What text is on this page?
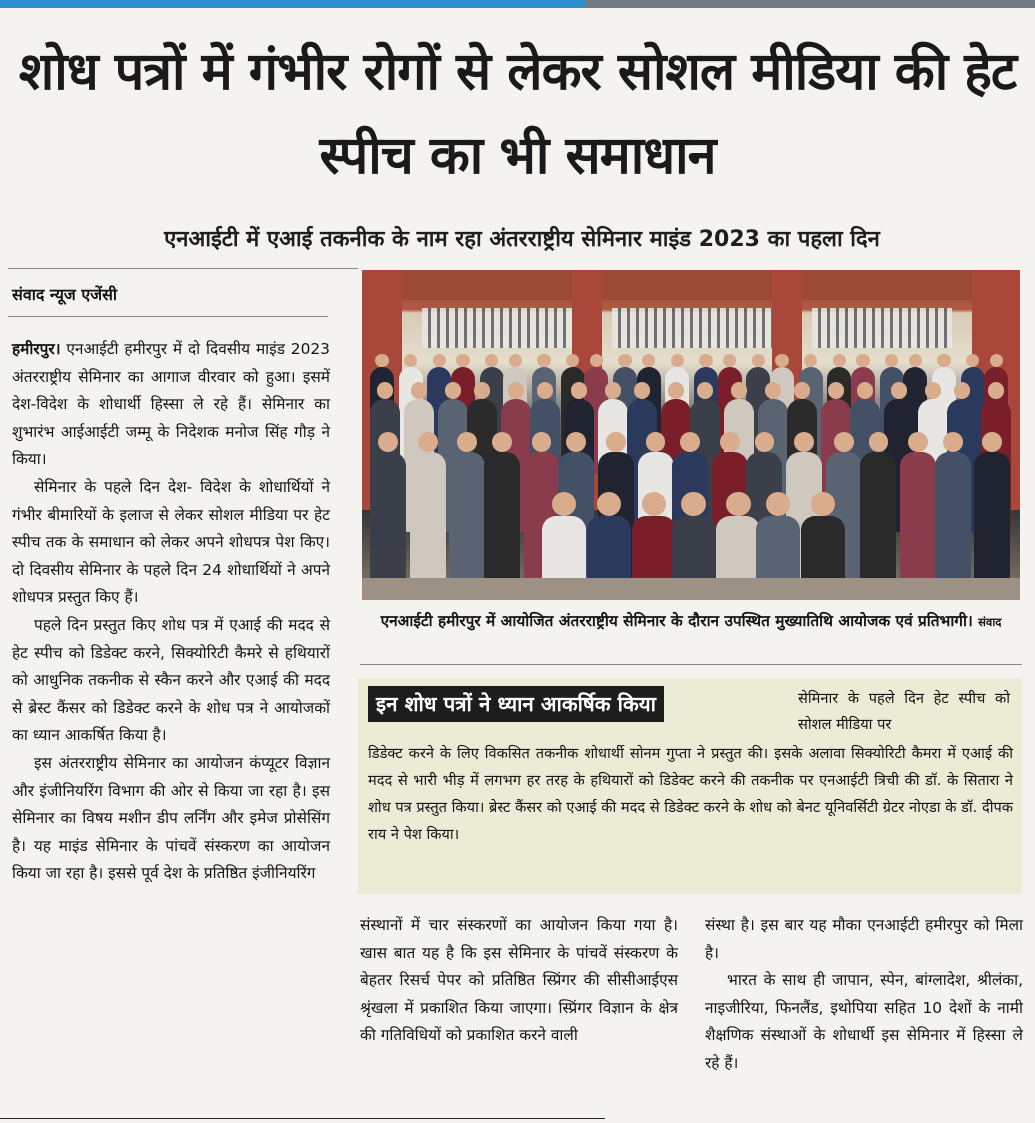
शोध पत्रों में गंभीर रोगों से लेकर सोशल मीडिया की हेट स्पीच का भी समाधान
एनआईटी में एआई तकनीक के नाम रहा अंतरराष्ट्रीय सेमिनार माइंड 2023 का पहला दिन
संवाद न्यूज एजेंसी

हमीरपुर। एनआईटी हमीरपुर में दो दिवसीय माइंड 2023 अंतरराष्ट्रीय सेमिनार का आगाज वीरवार को हुआ। इसमें देश-विदेश के शोधार्थी हिस्सा ले रहे हैं। सेमिनार का शुभारंभ आईआईटी जम्मू के निदेशक मनोज सिंह गौड़ ने किया।

सेमिनार के पहले दिन देश- विदेश के शोधार्थियों ने गंभीर बीमारियों के इलाज से लेकर सोशल मीडिया पर हेट स्पीच तक के समाधान को लेकर अपने शोधपत्र पेश किए। दो दिवसीय सेमिनार के पहले दिन 24 शोधार्थियों ने अपने शोधपत्र प्रस्तुत किए हैं।

पहले दिन प्रस्तुत किए शोध पत्र में एआई की मदद से हेट स्पीच को डिडेक्ट करने, सिक्योरिटी कैमरे से हथियारों को आधुनिक तकनीक से स्कैन करने और एआई की मदद से ब्रेस्ट कैंसर को डिडेक्ट करने के शोध पत्र ने आयोजकों का ध्यान आकर्षित किया है।

इस अंतरराष्ट्रीय सेमिनार का आयोजन कंप्यूटर विज्ञान और इंजीनियरिंग विभाग की ओर से किया जा रहा है। इस सेमिनार का विषय मशीन डीप लर्निंग और इमेज प्रोसेसिंग है। यह माइंड सेमिनार के पांचवें संस्करण का आयोजन किया जा रहा है। इससे पूर्व देश के प्रतिष्ठित इंजीनियरिंग

एनआईटी हमीरपुर में आयोजित अंतरराष्ट्रीय सेमिनार के दौरान उपस्थित मुख्यातिथि आयोजक एवं प्रतिभागी। संवाद
इन शोध पत्रों ने ध्यान आकर्षिक किया	सेमिनार के पहले दिन हेट स्पीच को सोशल मीडिया पर
डिडेक्ट करने के लिए विकसित तकनीक शोधार्थी सोनम गुप्ता ने प्रस्तुत की। इसके अलावा सिक्योरिटी कैमरा में एआई की मदद से भारी भीड़ में लगभग हर तरह के हथियारों को डिडेक्ट करने की तकनीक पर एनआईटी त्रिची की डॉ. के सितारा ने शोध पत्र प्रस्तुत किया। ब्रेस्ट कैंसर को एआई की मदद से डिडेक्ट करने के शोध को बेनट यूनिवर्सिटी ग्रेटर नोएडा के डॉ. दीपक राय ने पेश किया।

संस्थानों में चार संस्करणों का आयोजन किया गया है। खास बात यह है कि इस सेमिनार के पांचवें संस्करण के बेहतर रिसर्च पेपर को प्रतिष्ठित स्प्रिंगर की सीसीआईएस श्रृंखला में प्रकाशित किया जाएगा। स्प्रिंगर विज्ञान के क्षेत्र की गतिविधियों को प्रकाशित करने वाली

संस्था है। इस बार यह मौका एनआईटी हमीरपुर को मिला है।

भारत के साथ ही जापान, स्पेन, बांग्लादेश, श्रीलंका, नाइजीरिया, फिनलैंड, इथोपिया सहित 10 देशों के नामी शैक्षणिक संस्थाओं के शोधार्थी इस सेमिनार में हिस्सा ले रहे हैं।
